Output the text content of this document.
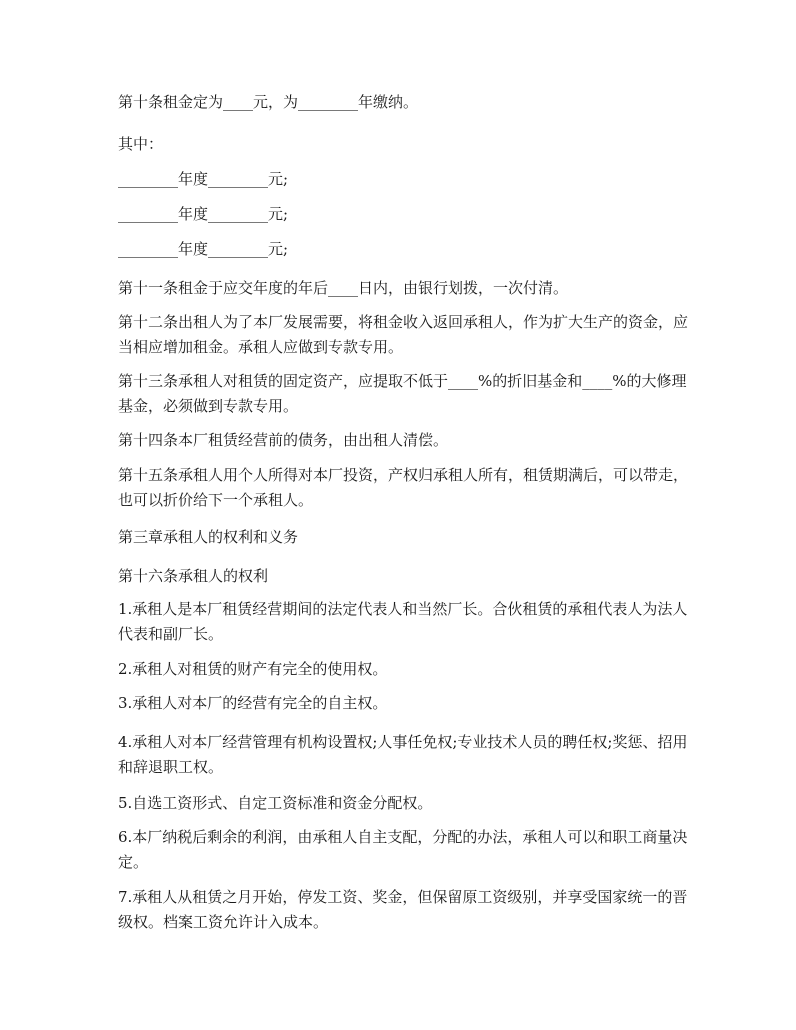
第十条租金定为____元，为________年缴纳。

其中：

________年度________元;

________年度________元;

________年度________元;

第十一条租金于应交年度的年后____日内，由银行划拨，一次付清。

第十二条出租人为了本厂发展需要，将租金收入返回承租人，作为扩大生产的资金，应当相应增加租金。承租人应做到专款专用。

第十三条承租人对租赁的固定资产，应提取不低于____%的折旧基金和____%的大修理基金，必须做到专款专用。

第十四条本厂租赁经营前的债务，由出租人清偿。

第十五条承租人用个人所得对本厂投资，产权归承租人所有，租赁期满后，可以带走，也可以折价给下一个承租人。

第三章承租人的权利和义务

第十六条承租人的权利

1.承租人是本厂租赁经营期间的法定代表人和当然厂长。合伙租赁的承租代表人为法人代表和副厂长。

2.承租人对租赁的财产有完全的使用权。

3.承租人对本厂的经营有完全的自主权。

4.承租人对本厂经营管理有机构设置权;人事任免权;专业技术人员的聘任权;奖惩、招用和辞退职工权。

5.自选工资形式、自定工资标准和资金分配权。

6.本厂纳税后剩余的利润，由承租人自主支配，分配的办法，承租人可以和职工商量决定。

7.承租人从租赁之月开始，停发工资、奖金，但保留原工资级别，并享受国家统一的晋级权。档案工资允许计入成本。
